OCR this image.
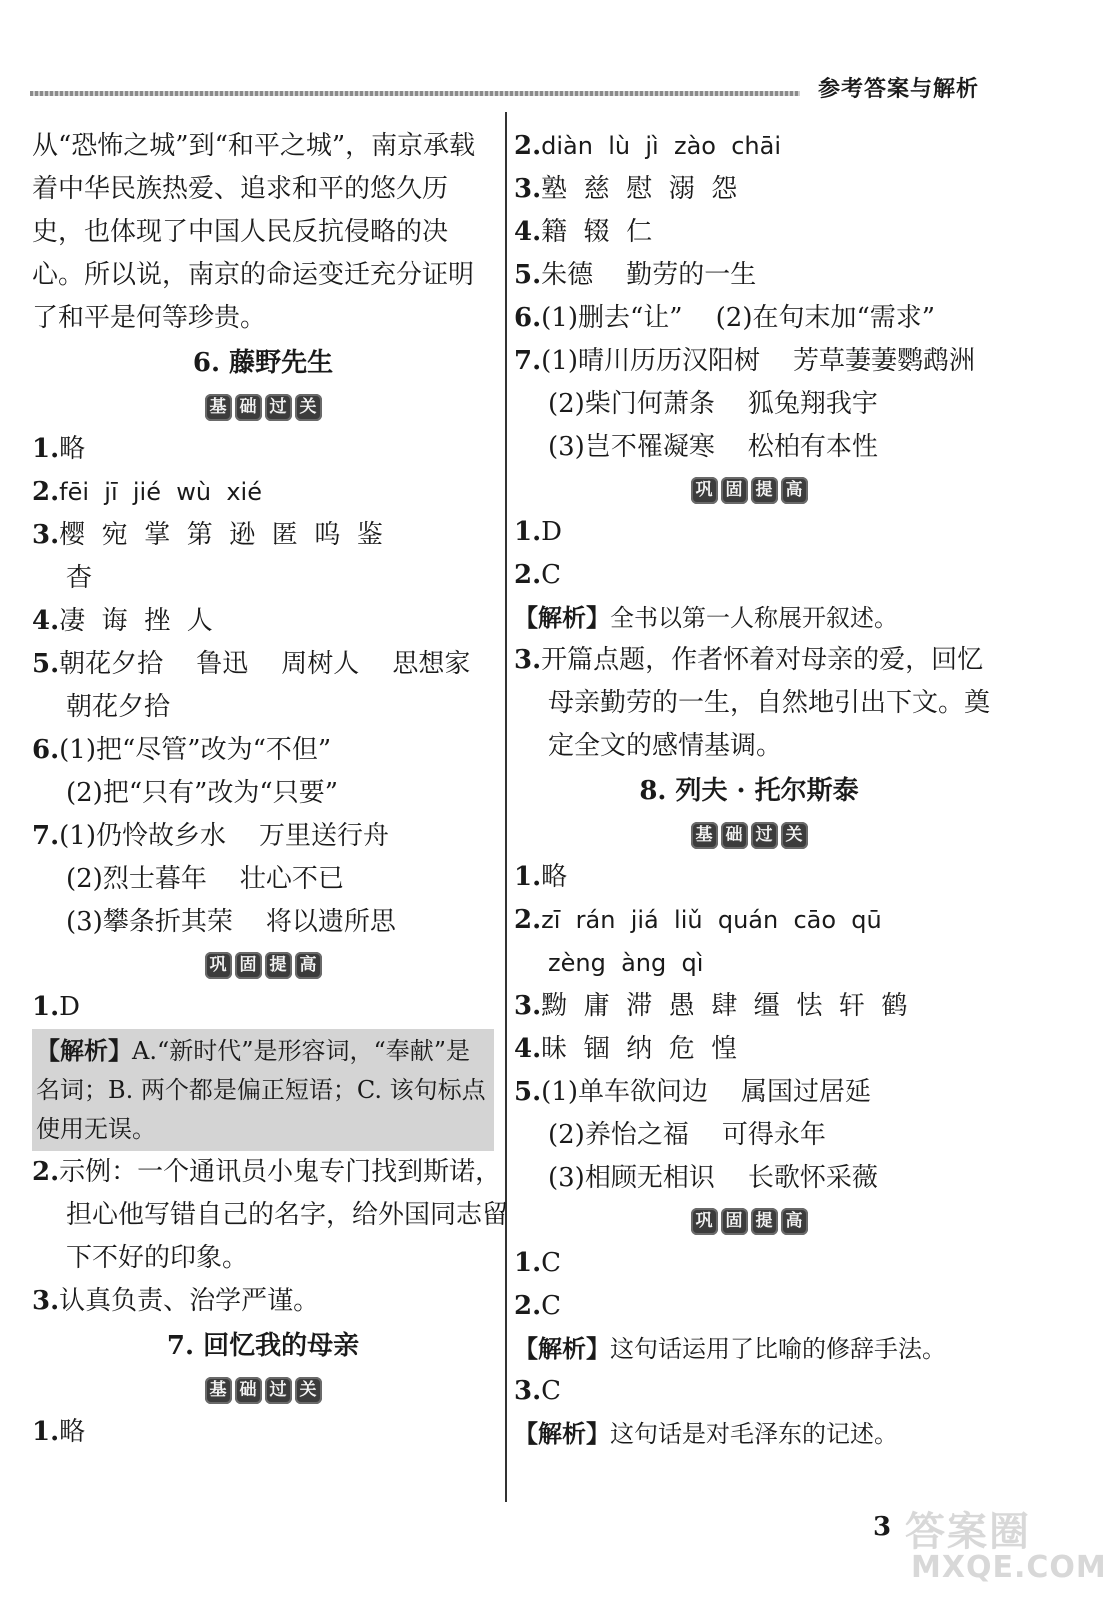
参考答案与解析
从“恐怖之城”到“和平之城”，南京承载
着中华民族热爱、追求和平的悠久历
史，也体现了中国人民反抗侵略的决
心。所以说，南京的命运变迁充分证明
了和平是何等珍贵。
6. 藤野先生
基 础 过 关
1.略
2.fēi  jī  jié  wù  xié
3.樱  宛  掌  第  逊  匿  呜  鉴
杳
4.凄  诲  挫  人
5.朝花夕拾    鲁迅    周树人    思想家
朝花夕拾
6.(1)把“尽管”改为“不但”
(2)把“只有”改为“只要”
7.(1)仍怜故乡水    万里送行舟
(2)烈士暮年    壮心不已
(3)攀条折其荣    将以遗所思
巩 固 提 高
1.D
【解析】A.“新时代”是形容词，“奉献”是
名词；B. 两个都是偏正短语；C. 该句标点
使用无误。
2.示例：一个通讯员小鬼专门找到斯诺，
担心他写错自己的名字，给外国同志留
下不好的印象。
3.认真负责、治学严谨。
7. 回忆我的母亲
基 础 过 关
1.略
2.diàn  lù  jì  zào  chāi
3.塾  慈  慰  溺  怨
4.籍  辍  仁
5.朱德    勤劳的一生
6.(1)删去“让”    (2)在句末加“需求”
7.(1)晴川历历汉阳树    芳草萋萋鹦鹉洲
(2)柴门何萧条    狐兔翔我宇
(3)岂不罹凝寒    松柏有本性
巩 固 提 高
1.D
2.C
【解析】全书以第一人称展开叙述。
3.开篇点题，作者怀着对母亲的爱，回忆
母亲勤劳的一生，自然地引出下文。奠
定全文的感情基调。
8. 列夫 · 托尔斯泰
基 础 过 关
1.略
2.zī  rán  jiá  liǔ  quán  cāo  qū
zèng  àng  qì
3.黝  庸  滞  愚  肆  缰  怯  轩  鹤
4.昧  锢  纳  危  惶
5.(1)单车欲问边    属国过居延
(2)养怡之福    可得永年
(3)相顾无相识    长歌怀采薇
巩 固 提 高
1.C
2.C
【解析】这句话运用了比喻的修辞手法。
3.C
【解析】这句话是对毛泽东的记述。
3 答案圈
MXQE.COM
